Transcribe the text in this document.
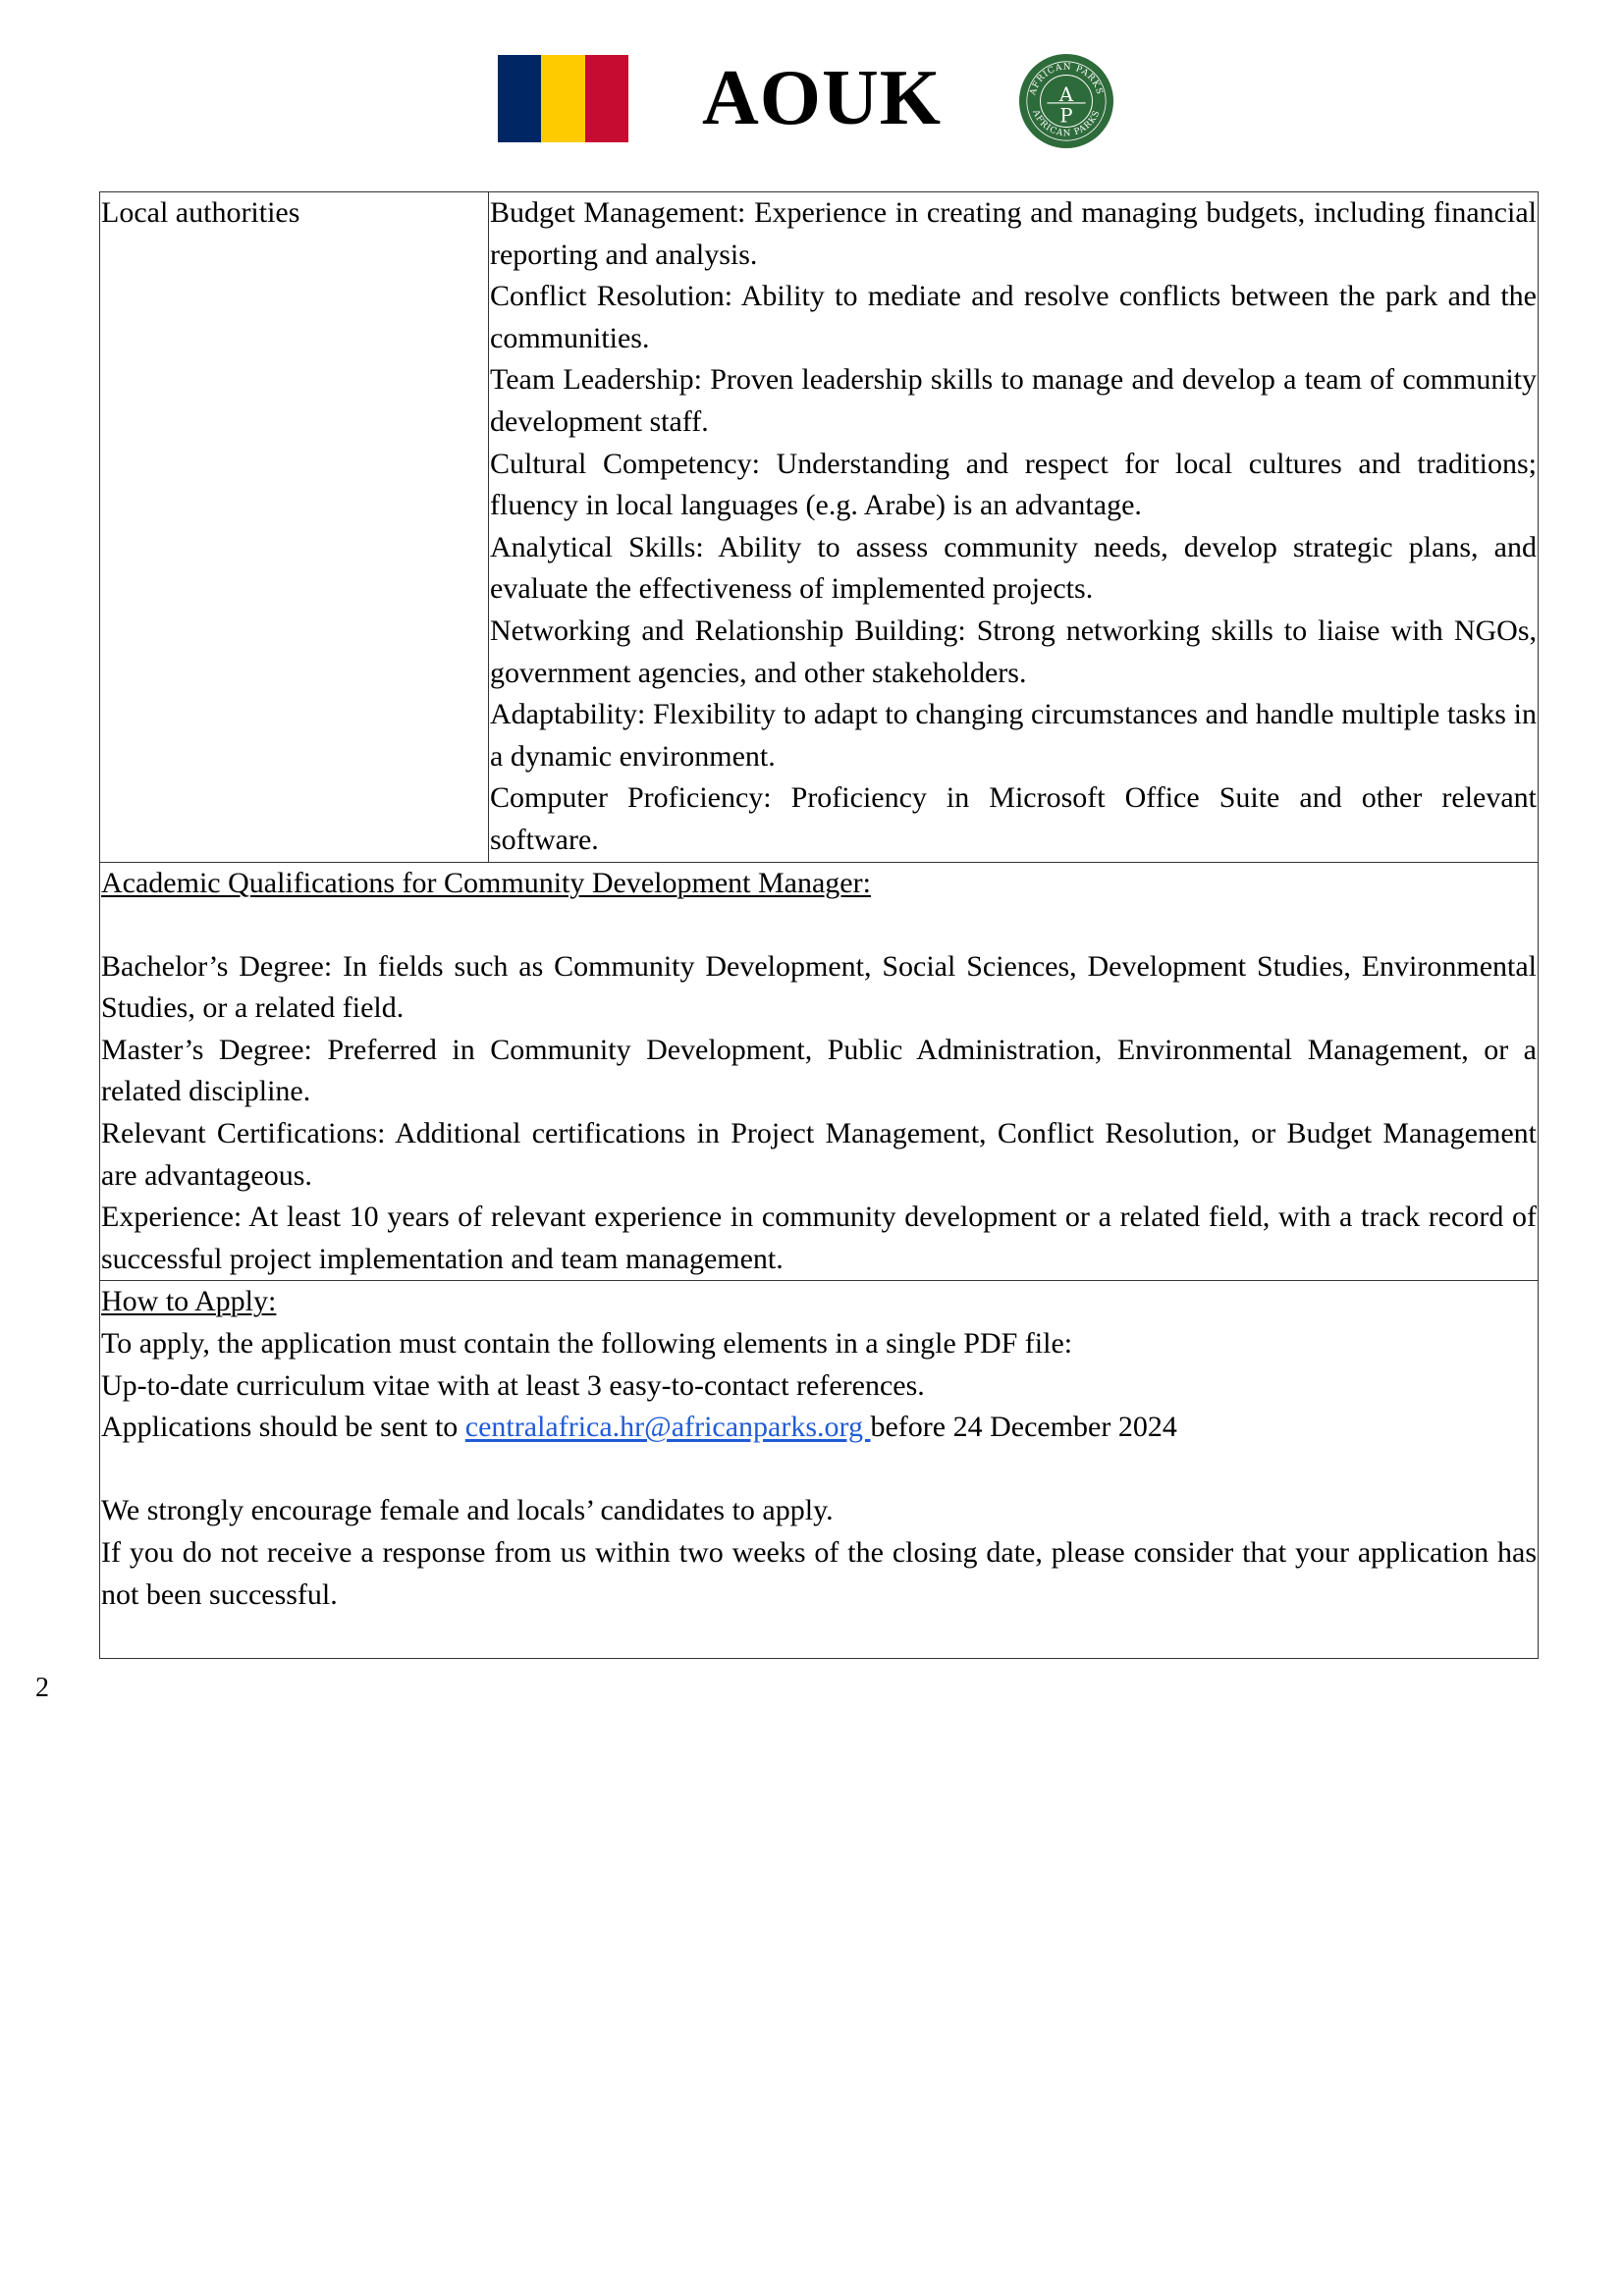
AOUK	AFRICAN PARKS
AFRICAN PARKS
A
P
Local authorities	Budget Management: Experience in creating and managing budgets, including financial reporting and analysis.

Conflict Resolution: Ability to mediate and resolve conflicts between the park and the communities.

Team Leadership: Proven leadership skills to manage and develop a team of community development staff.

Cultural Competency: Understanding and respect for local cultures and traditions; fluency in local languages (e.g. Arabe) is an advantage.

Analytical Skills: Ability to assess community needs, develop strategic plans, and evaluate the effectiveness of implemented projects.

Networking and Relationship Building: Strong networking skills to liaise with NGOs, government agencies, and other stakeholders.

Adaptability: Flexibility to adapt to changing circumstances and handle multiple tasks in a dynamic environment.

Computer Proficiency: Proficiency in Microsoft Office Suite and other relevant software.

Academic Qualifications for Community Development Manager:

Bachelor’s Degree: In fields such as Community Development, Social Sciences, Development Studies, Environmental Studies, or a related field.

Master’s Degree: Preferred in Community Development, Public Administration, Environmental Management, or a related discipline.

Relevant Certifications: Additional certifications in Project Management, Conflict Resolution, or Budget Management are advantageous.

Experience: At least 10 years of relevant experience in community development or a related field, with a track record of successful project implementation and team management.

How to Apply:

To apply, the application must contain the following elements in a single PDF file:

Up-to-date curriculum vitae with at least 3 easy-to-contact references.

Applications should be sent to centralafrica.hr@africanparks.org before 24 December 2024

We strongly encourage female and locals’ candidates to apply.

If you do not receive a response from us within two weeks of the closing date, please consider that your application has not been successful.

2
